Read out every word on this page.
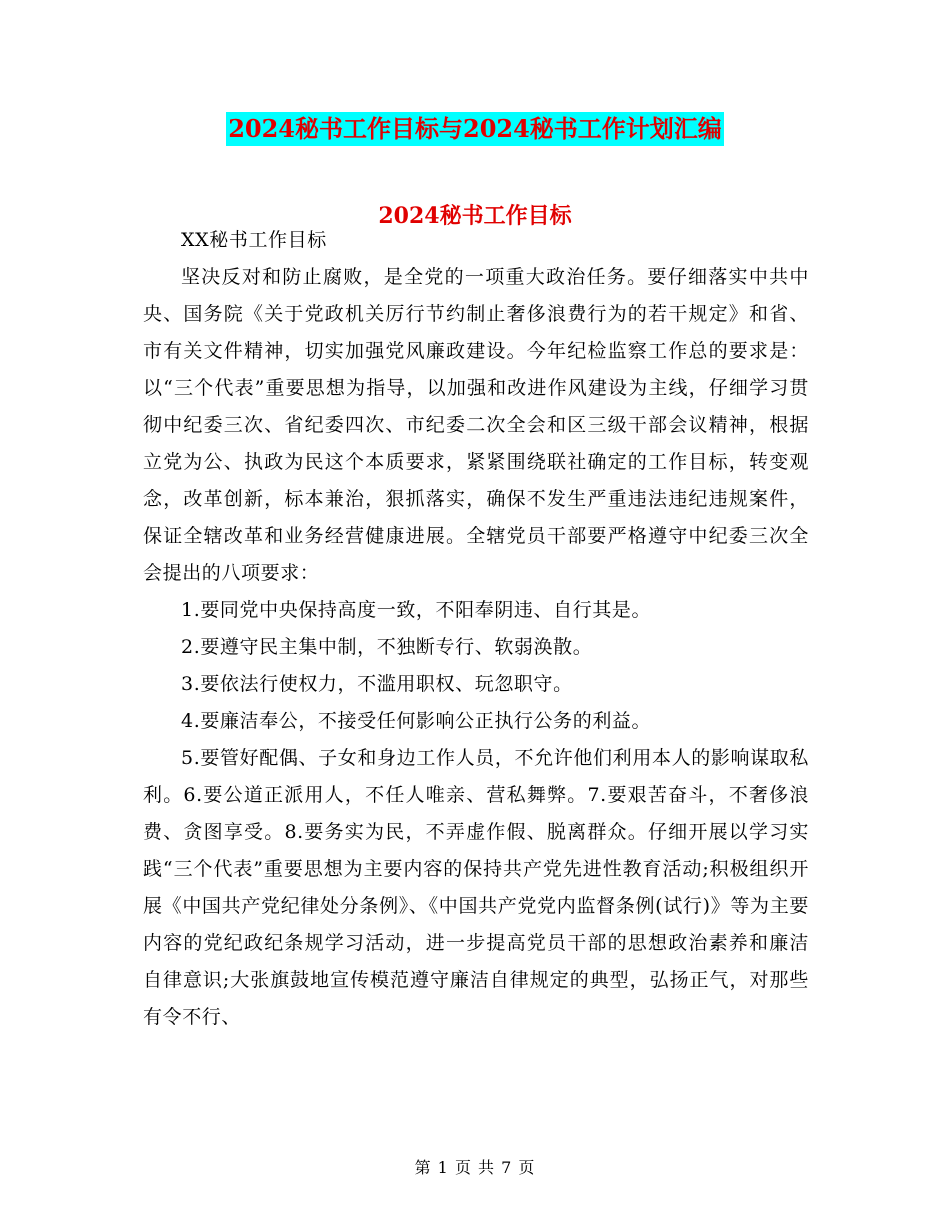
2024秘书工作目标与2024秘书工作计划汇编
2024秘书工作目标

XX秘书工作目标

坚决反对和防止腐败，是全党的一项重大政治任务。要仔细落实中共中央、国务院《关于党政机关厉行节约制止奢侈浪费行为的若干规定》和省、市有关文件精神，切实加强党风廉政建设。今年纪检监察工作总的要求是：以“三个代表”重要思想为指导，以加强和改进作风建设为主线，仔细学习贯彻中纪委三次、省纪委四次、市纪委二次全会和区三级干部会议精神，根据立党为公、执政为民这个本质要求，紧紧围绕联社确定的工作目标，转变观念，改革创新，标本兼治，狠抓落实，确保不发生严重违法违纪违规案件，保证全辖改革和业务经营健康进展。全辖党员干部要严格遵守中纪委三次全会提出的八项要求：

1.要同党中央保持高度一致，不阳奉阴违、自行其是。

2.要遵守民主集中制，不独断专行、软弱涣散。

3.要依法行使权力，不滥用职权、玩忽职守。

4.要廉洁奉公，不接受任何影响公正执行公务的利益。

5.要管好配偶、子女和身边工作人员，不允许他们利用本人的影响谋取私利。6.要公道正派用人，不任人唯亲、营私舞弊。7.要艰苦奋斗，不奢侈浪费、贪图享受。8.要务实为民，不弄虚作假、脱离群众。仔细开展以学习实践“三个代表”重要思想为主要内容的保持共产党先进性教育活动;积极组织开展《中国共产党纪律处分条例》、《中国共产党党内监督条例(试行)》等为主要内容的党纪政纪条规学习活动，进一步提高党员干部的思想政治素养和廉洁自律意识;大张旗鼓地宣传模范遵守廉洁自律规定的典型，弘扬正气，对那些有令不行、

第 1 页 共 7 页
